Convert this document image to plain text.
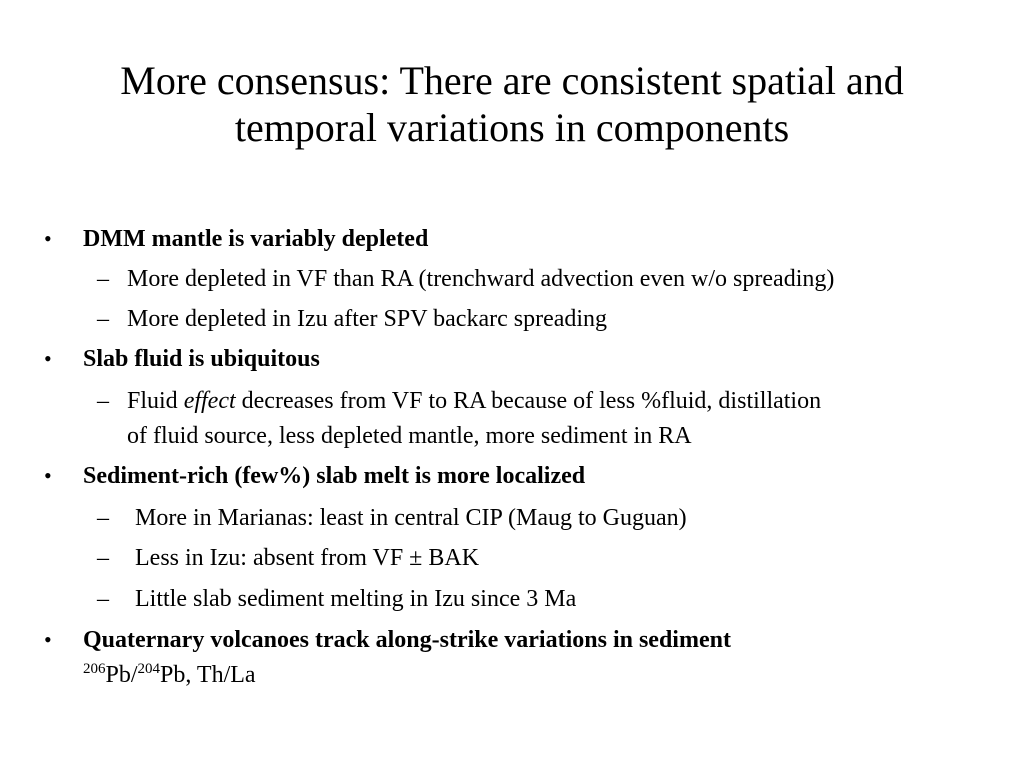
More consensus: There are consistent spatial and
temporal variations in components
• DMM mantle is variably depleted
– More depleted in VF than RA (trenchward advection even w/o spreading)
– More depleted in Izu after SPV backarc spreading
• Slab fluid is ubiquitous
– Fluid effect decreases from VF to RA because of less %fluid, distillation
of fluid source, less depleted mantle, more sediment in RA
• Sediment-rich (few%) slab melt is more localized
– More in Marianas: least in central CIP (Maug to Guguan)
– Less in Izu: absent from VF ± BAK
– Little slab sediment melting in Izu since 3 Ma
• Quaternary volcanoes track along-strike variations in sediment
$^{206}$Pb/$^{204}$Pb, Th/La
